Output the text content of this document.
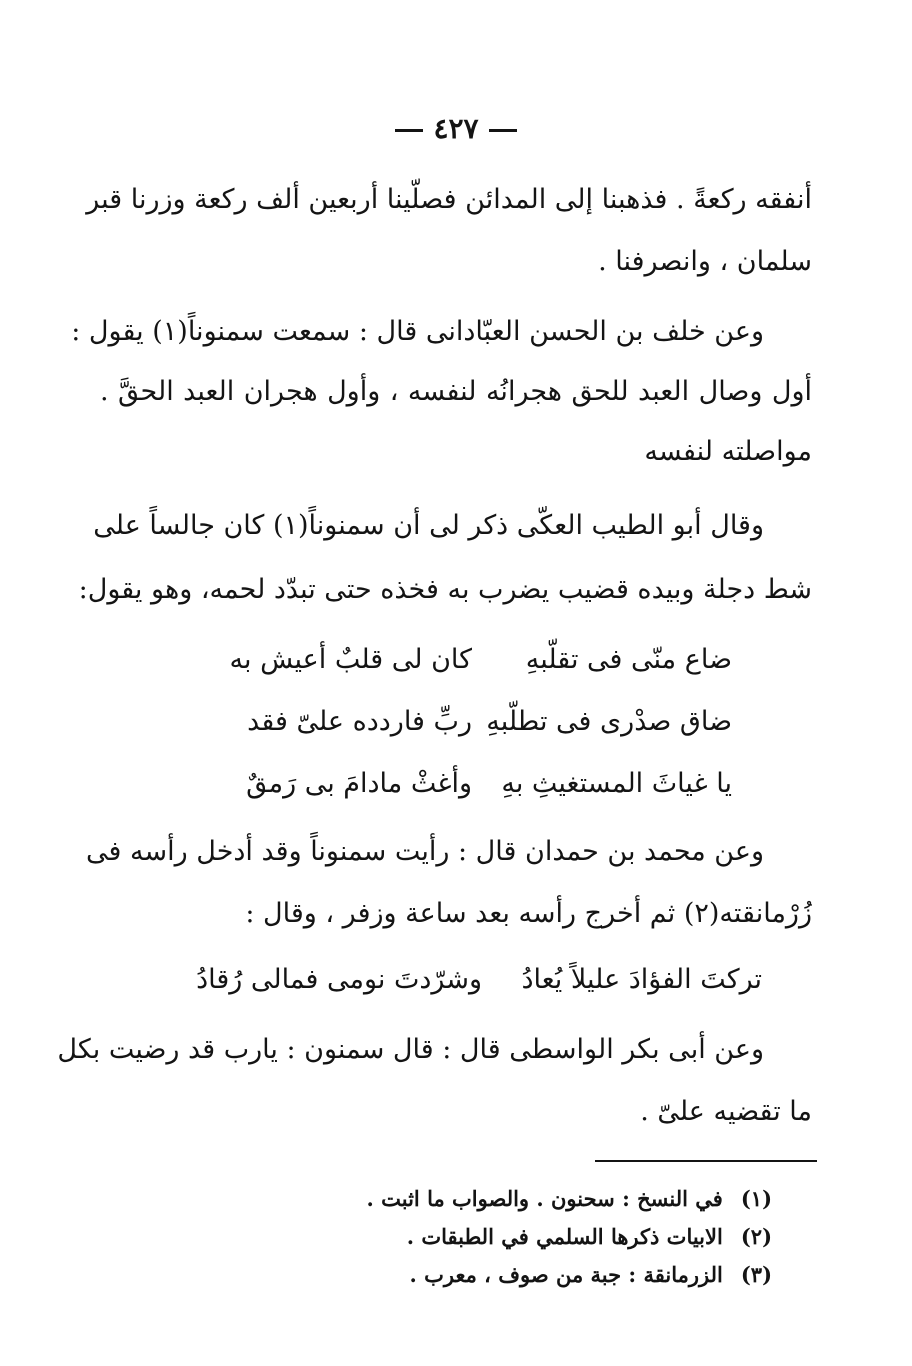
٤٢٧
أنفقه ركعةً . فذهبنا إلى المدائن فصلّينا أربعين ألف ركعة وزرنا قبر
سلمان ، وانصرفنا .
وعن خلف بن الحسن العبّادانى قال : سمعت سمنوناً(١) يقول :
أول وصال العبد للحق هجرانُه لنفسه ، وأول هجران العبد الحقَّ .
مواصلته لنفسه
وقال أبو الطيب العكّى ذكر لى أن سمنوناً(١) كان جالساً على
شط دجلة وبيده قضيب يضرب به فخذه حتى تبدّد لحمه، وهو يقول:
كان لى قلبٌ أعيش به ضاع منّى فى تقلّبهِ
ربِّ فاردده علىّ فقد ضاق صدْرى فى تطلّبهِ
وأغثْ مادامَ بى رَمقٌ يا غياثَ المستغيثِ بهِ
وعن محمد بن حمدان قال : رأيت سمنوناً وقد أدخل رأسه فى
زُرْمانقته(٢) ثم أخرج رأسه بعد ساعة وزفر ، وقال :
تركتَ الفؤادَ عليلاً يُعادُ
وشرّدتَ نومى فمالى رُقادُ
وعن أبى بكر الواسطى قال : قال سمنون : يارب قد رضيت بكل
ما تقضيه علىّ .
(١)في النسخ : سحنون . والصواب ما اثبت .
(٢)الابيات ذكرها السلمي في الطبقات .
(٣)الزرمانقة : جبة من صوف ، معرب .
